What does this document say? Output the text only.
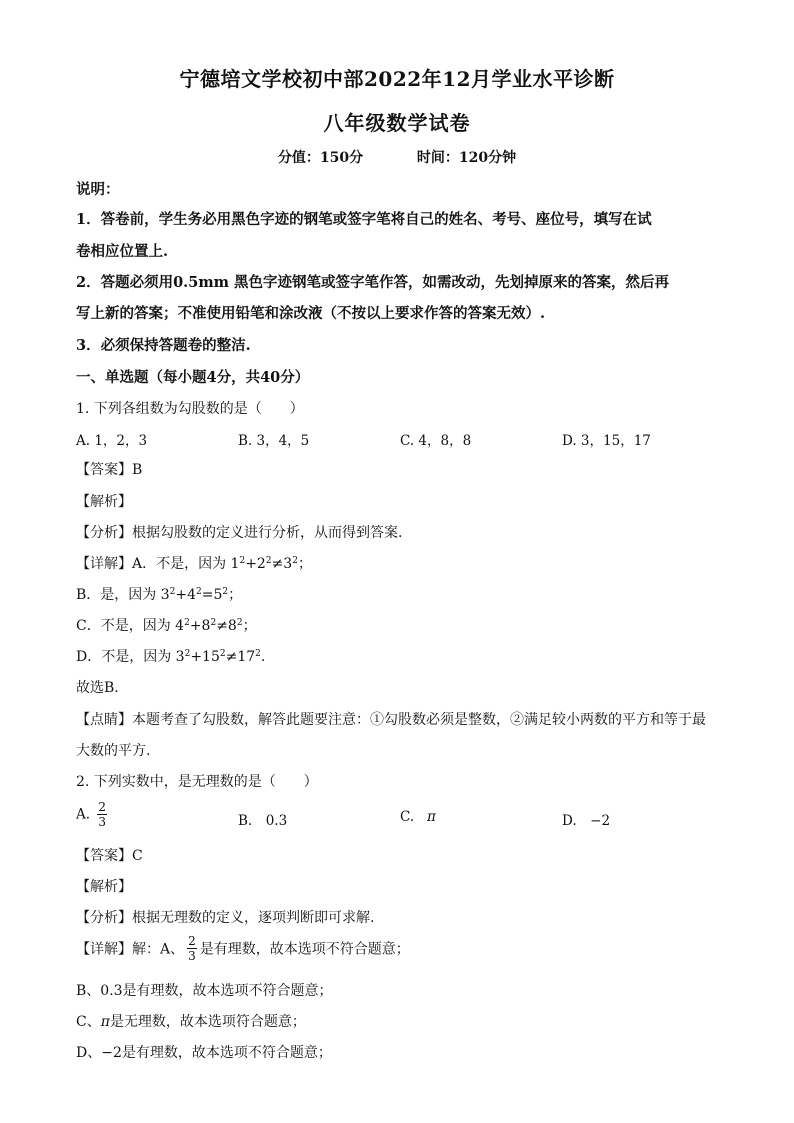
宁德培文学校初中部2022年12月学业水平诊断
八年级数学试卷
分值：150分	时间：120分钟
说明：
1．答卷前，学生务必用黑色字迹的钢笔或签字笔将自己的姓名、考号、座位号，填写在试
卷相应位置上.
2．答题必须用0.5mm 黑色字迹钢笔或签字笔作答，如需改动，先划掉原来的答案，然后再
写上新的答案；不准使用铅笔和涂改液（不按以上要求作答的答案无效）.
3．必须保持答题卷的整洁.
一、单选题（每小题4分，共40分）
1. 下列各组数为勾股数的是（　　）
A. 1，2，3	B. 3，4，5	C. 4，8，8	D. 3，15，17
【答案】B
【解析】
【分析】根据勾股数的定义进行分析，从而得到答案.
【详解】A．不是，因为 $1^2+2^2\ne 3^2$；
B．是，因为 $3^2+4^2=5^2$；
C．不是，因为 $4^2+8^2\ne 8^2$；
D．不是，因为 $3^2+15^2\ne 17^2$.
故选B.
【点睛】本题考查了勾股数，解答此题要注意：①勾股数必须是整数，②满足较小两数的平方和等于最
大数的平方.
2. 下列实数中，是无理数的是（　　）
A. $\frac{2}{3}$	B.　0.3	C. π	D.　−2
【答案】C
【解析】
【分析】根据无理数的定义，逐项判断即可求解.
【详解】解：A、 $\frac{2}{3}$ 是有理数，故本选项不符合题意；
B、0.3是有理数，故本选项不符合题意；
C、π是无理数，故本选项符合题意；
D、−2是有理数，故本选项不符合题意；
